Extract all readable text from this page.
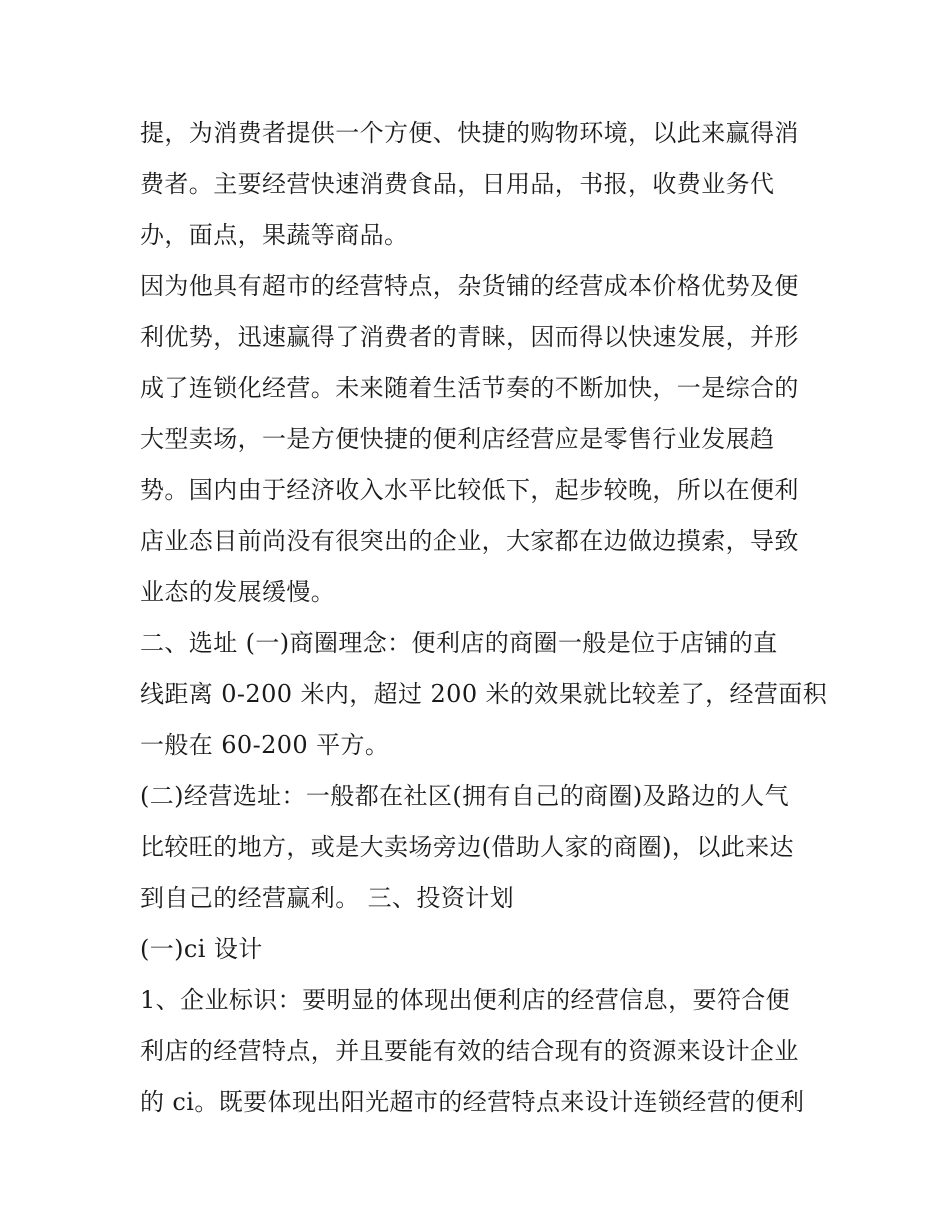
提，为消费者提供一个方便、快捷的购物环境，以此来赢得消
费者。主要经营快速消费食品，日用品，书报，收费业务代
办，面点，果蔬等商品。
因为他具有超市的经营特点，杂货铺的经营成本价格优势及便
利优势，迅速赢得了消费者的青睐，因而得以快速发展，并形
成了连锁化经营。未来随着生活节奏的不断加快，一是综合的
大型卖场，一是方便快捷的便利店经营应是零售行业发展趋
势。国内由于经济收入水平比较低下，起步较晚，所以在便利
店业态目前尚没有很突出的企业，大家都在边做边摸索，导致
业态的发展缓慢。
二、选址 (一)商圈理念：便利店的商圈一般是位于店铺的直
线距离 0-200 米内，超过 200 米的效果就比较差了，经营面积
一般在 60-200 平方。
(二)经营选址：一般都在社区(拥有自己的商圈)及路边的人气
比较旺的地方，或是大卖场旁边(借助人家的商圈)，以此来达
到自己的经营赢利。 三、投资计划
(一)ci 设计
1、企业标识：要明显的体现出便利店的经营信息，要符合便
利店的经营特点，并且要能有效的结合现有的资源来设计企业
的 ci。既要体现出阳光超市的经营特点来设计连锁经营的便利
